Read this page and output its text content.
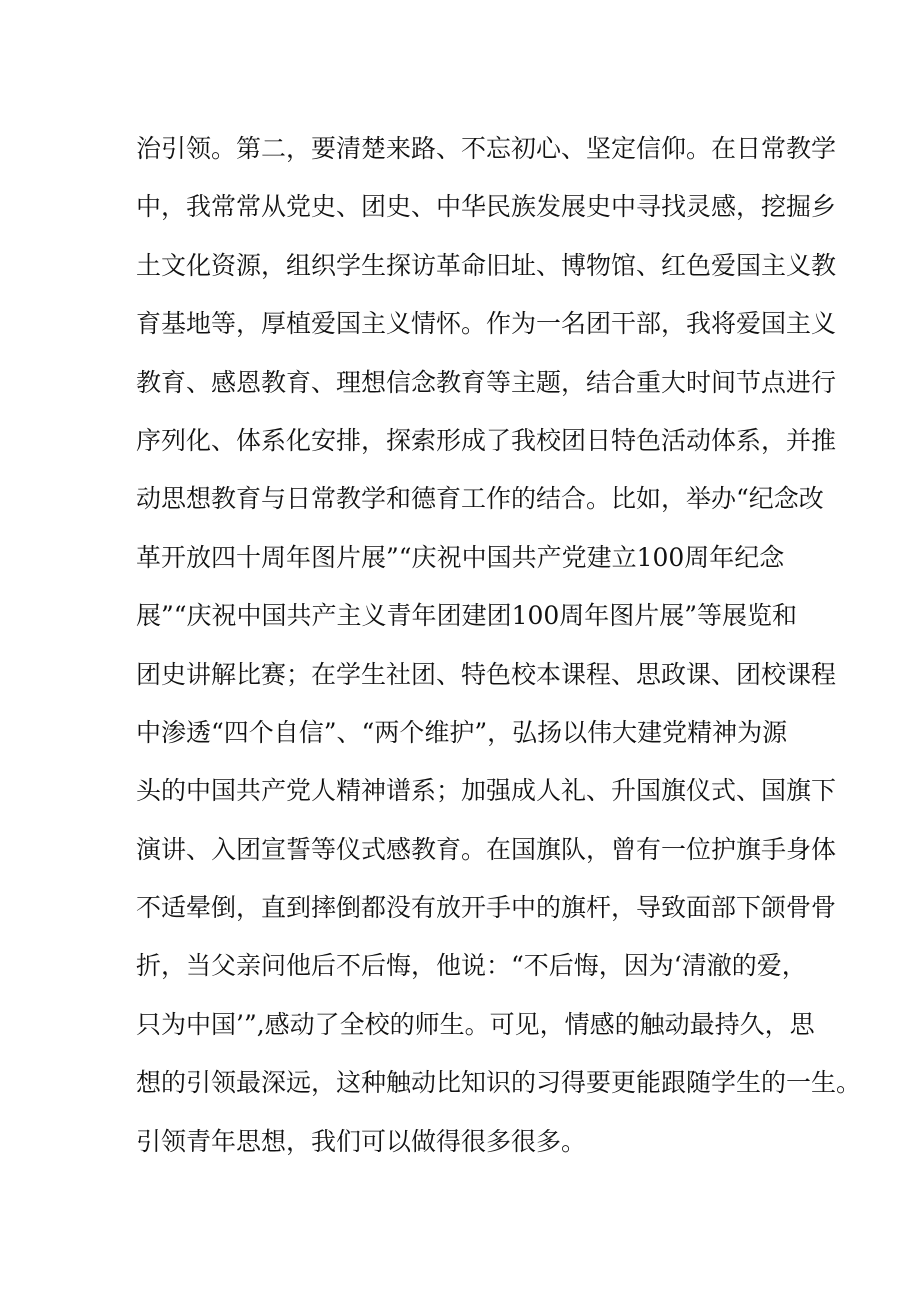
治引领。第二，要清楚来路、不忘初心、坚定信仰。在日常教学
中，我常常从党史、团史、中华民族发展史中寻找灵感，挖掘乡
土文化资源，组织学生探访革命旧址、博物馆、红色爱国主义教
育基地等，厚植爱国主义情怀。作为一名团干部，我将爱国主义
教育、感恩教育、理想信念教育等主题，结合重大时间节点进行
序列化、体系化安排，探索形成了我校团日特色活动体系，并推
动思想教育与日常教学和德育工作的结合。比如，举办“纪念改
革开放四十周年图片展”“庆祝中国共产党建立100周年纪念
展”“庆祝中国共产主义青年团建团100周年图片展”等展览和
团史讲解比赛；在学生社团、特色校本课程、思政课、团校课程
中渗透“四个自信”、“两个维护”，弘扬以伟大建党精神为源
头的中国共产党人精神谱系；加强成人礼、升国旗仪式、国旗下
演讲、入团宣誓等仪式感教育。在国旗队，曾有一位护旗手身体
不适晕倒，直到摔倒都没有放开手中的旗杆，导致面部下颌骨骨
折，当父亲问他后不后悔，他说：“不后悔，因为‘清澈的爱，
只为中国’”,感动了全校的师生。可见，情感的触动最持久，思
想的引领最深远，这种触动比知识的习得要更能跟随学生的一生。
引领青年思想，我们可以做得很多很多。
